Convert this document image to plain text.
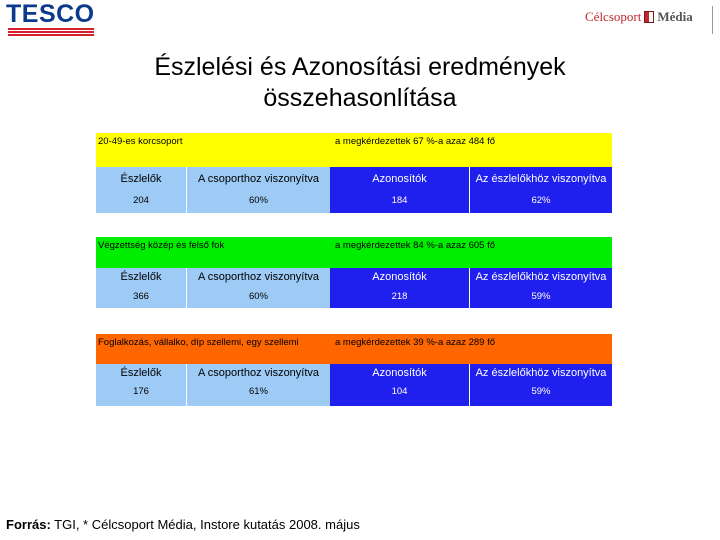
TESCO	Célcsoport Média
Észlelési és Azonosítási eredmények
összehasonlítása
20-49-es korcsoport	a megkérdezettek 67 %-a azaz 484 fő
Észlelők	A csoporthoz viszonyítva	Azonosítók	Az észlelőkhöz viszonyítva
204	60%	184	62%
Végzettség közép és felső fok	a megkérdezettek 84 %-a azaz 605 fő
Észlelők	A csoporthoz viszonyítva	Azonosítók	Az észlelőkhöz viszonyítva
366	60%	218	59%
Foglalkozás, vállalko, díp szellemi, egy szellemi	a megkérdezettek 39 %-a azaz 289 fő
Észlelők	A csoporthoz viszonyítva	Azonosítók	Az észlelőkhöz viszonyítva
176	61%	104	59%
Forrás: TGI, * Célcsoport Média, Instore kutatás 2008. május
